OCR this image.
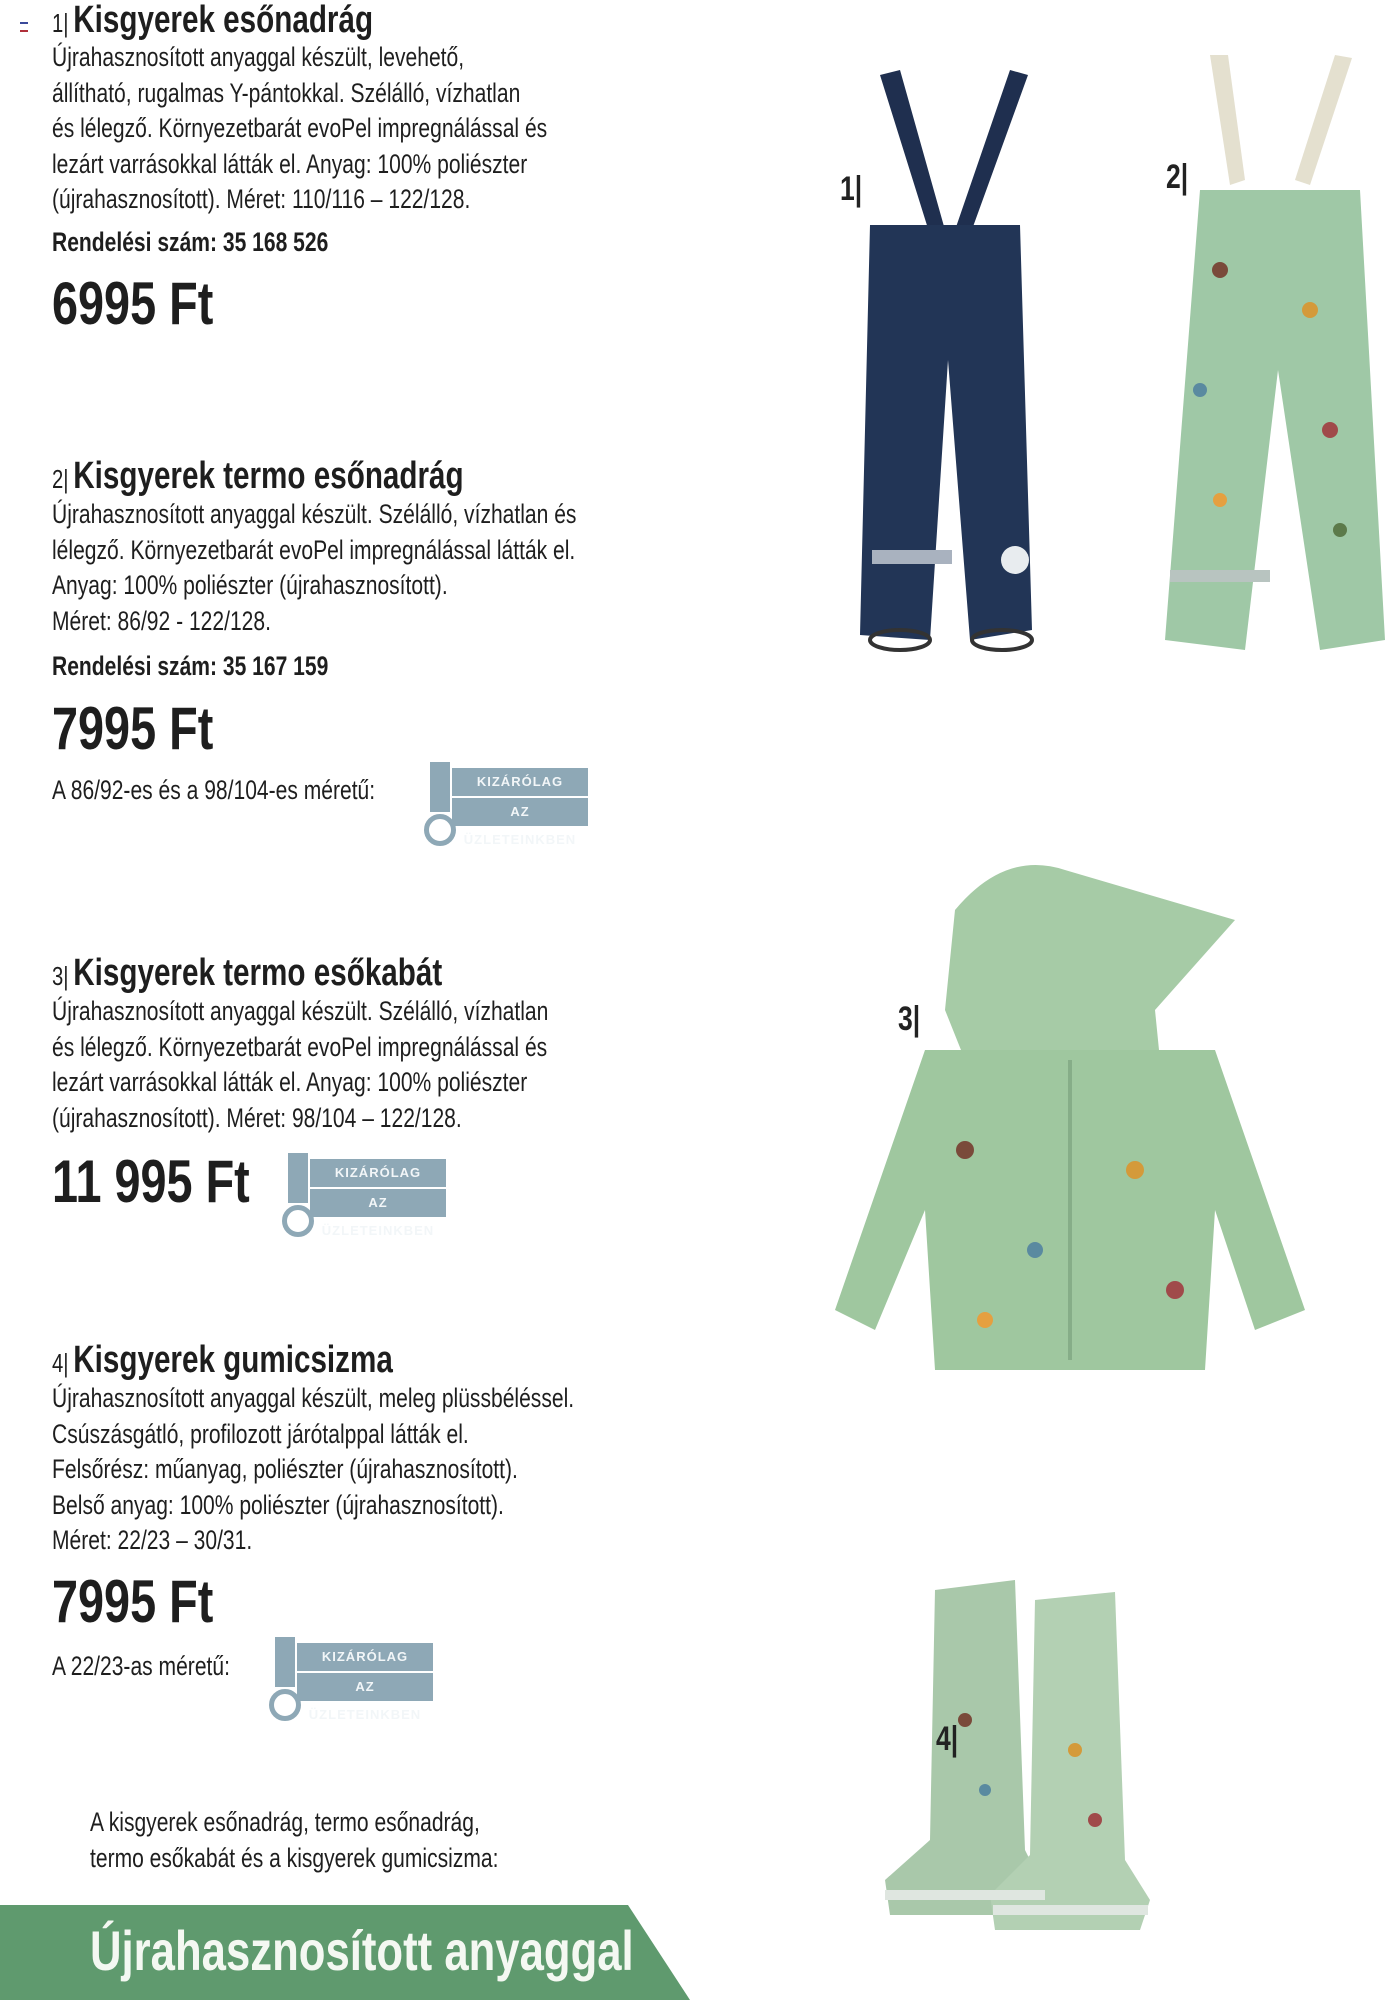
1| Kisgyerek esőnadrág
Újrahasznosított anyaggal készült, levehető,
állítható, rugalmas Y-pántokkal. Szélálló, vízhatlan
és lélegző. Környezetbarát evoPel impregnálással és
lezárt varrásokkal látták el. Anyag: 100% poliészter
(újrahasznosított). Méret: 110/116 – 122/128.
Rendelési szám: 35 168 526
6995 Ft
2| Kisgyerek termo esőnadrág
Újrahasznosított anyaggal készült. Szélálló, vízhatlan és
lélegző. Környezetbarát evoPel impregnálással látták el.
Anyag: 100% poliészter (újrahasznosított).
Méret: 86/92 - 122/128.
Rendelési szám: 35 167 159
7995 Ft
A 86/92-es és a 98/104-es méretű:	KIZÁRÓLAG
AZ ÜZLETEINKBEN
3| Kisgyerek termo esőkabát
Újrahasznosított anyaggal készült. Szélálló, vízhatlan
és lélegző. Környezetbarát evoPel impregnálással és
lezárt varrásokkal látták el. Anyag: 100% poliészter
(újrahasznosított). Méret: 98/104 – 122/128.
11 995 Ft	KIZÁRÓLAG
AZ ÜZLETEINKBEN
4| Kisgyerek gumicsizma
Újrahasznosított anyaggal készült, meleg plüssbéléssel.
Csúszásgátló, profilozott járótalppal látták el.
Felsőrész: műanyag, poliészter (újrahasznosított).
Belső anyag: 100% poliészter (újrahasznosított).
Méret: 22/23 – 30/31.
7995 Ft
A 22/23-as méretű:	KIZÁRÓLAG
AZ ÜZLETEINKBEN
1|	2|
3|
4|
A kisgyerek esőnadrág, termo esőnadrág,
termo esőkabát és a kisgyerek gumicsizma:
Újrahasznosított anyaggal
